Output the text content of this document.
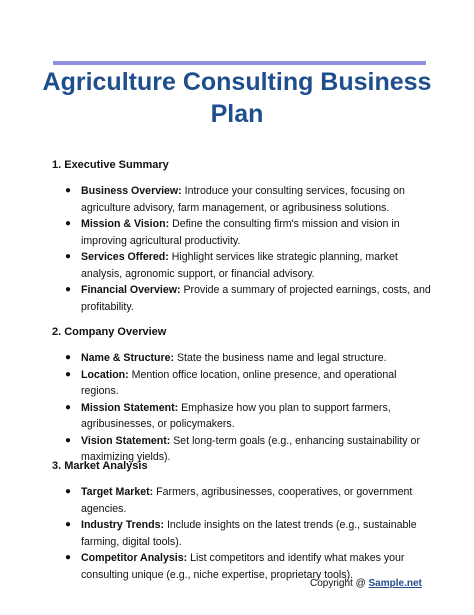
Agriculture Consulting Business Plan

1. Executive Summary

● Business Overview: Introduce your consulting services, focusing on agriculture advisory, farm management, or agribusiness solutions.
● Mission & Vision: Define the consulting firm's mission and vision in improving agricultural productivity.
● Services Offered: Highlight services like strategic planning, market analysis, agronomic support, or financial advisory.
● Financial Overview: Provide a summary of projected earnings, costs, and profitability.

2. Company Overview

● Name & Structure: State the business name and legal structure.
● Location: Mention office location, online presence, and operational regions.
● Mission Statement: Emphasize how you plan to support farmers, agribusinesses, or policymakers.
● Vision Statement: Set long-term goals (e.g., enhancing sustainability or maximizing yields).

3. Market Analysis

● Target Market: Farmers, agribusinesses, cooperatives, or government agencies.
● Industry Trends: Include insights on the latest trends (e.g., sustainable farming, digital tools).
● Competitor Analysis: List competitors and identify what makes your consulting unique (e.g., niche expertise, proprietary tools).
Copyright @ Sample.net
